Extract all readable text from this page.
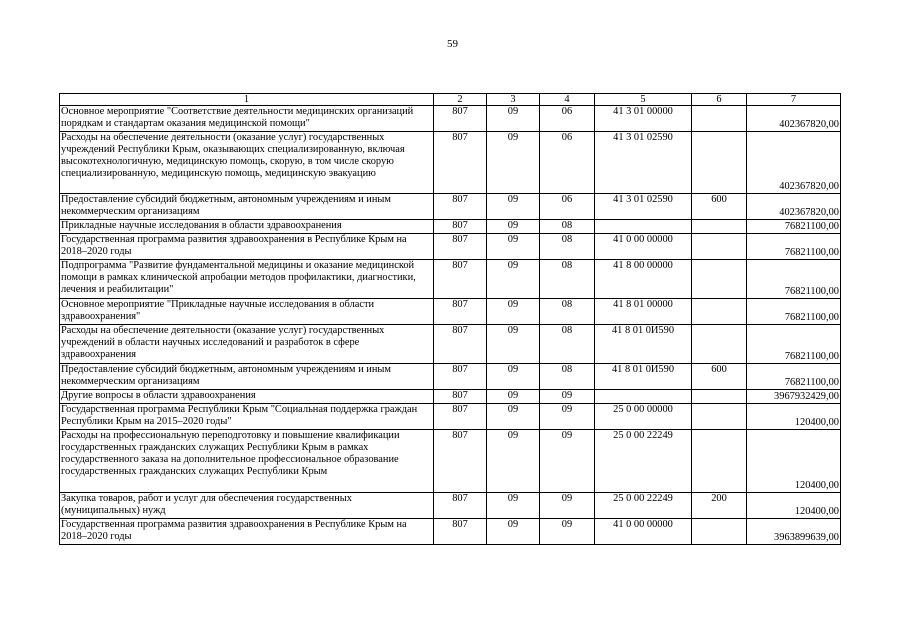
59
1	2	3	4	5	6	7
Основное мероприятие "Соответствие деятельности медицинских организаций порядкам и стандартам оказания медицинской помощи"	807	09	06	41 3 01 00000		402367820,00
Расходы на обеспечение деятельности (оказание услуг) государственных учреждений Республики Крым, оказывающих специализированную, включая высокотехнологичную, медицинскую помощь, скорую, в том числе скорую специализированную, медицинскую помощь, медицинскую эвакуацию	807	09	06	41 3 01 02590		402367820,00
Предоставление субсидий бюджетным, автономным учреждениям и иным некоммерческим организациям	807	09	06	41 3 01 02590	600	402367820,00
Прикладные научные исследования в области здравоохранения	807	09	08			76821100,00
Государственная программа развития здравоохранения в Республике Крым на 2018–2020 годы	807	09	08	41 0 00 00000		76821100,00
Подпрограмма "Развитие фундаментальной медицины и оказание медицинской помощи в рамках клинической апробации методов профилактики, диагностики, лечения и реабилитации"	807	09	08	41 8 00 00000		76821100,00
Основное мероприятие "Прикладные научные исследования в области здравоохранения"	807	09	08	41 8 01 00000		76821100,00
Расходы на обеспечение деятельности (оказание услуг) государственных учреждений в области научных исследований и разработок в сфере здравоохранения	807	09	08	41 8 01 0И590		76821100,00
Предоставление субсидий бюджетным, автономным учреждениям и иным некоммерческим организациям	807	09	08	41 8 01 0И590	600	76821100,00
Другие вопросы в области здравоохранения	807	09	09			3967932429,00
Государственная программа Республики Крым "Социальная поддержка граждан Республики Крым на 2015–2020 годы"	807	09	09	25 0 00 00000		120400,00
Расходы на профессиональную переподготовку и повышение квалификации государственных гражданских служащих Республики Крым в рамках государственного заказа на дополнительное профессиональное образование государственных гражданских служащих Республики Крым	807	09	09	25 0 00 22249		120400,00
Закупка товаров, работ и услуг для обеспечения государственных (муниципальных) нужд	807	09	09	25 0 00 22249	200	120400,00
Государственная программа развития здравоохранения в Республике Крым на 2018–2020 годы	807	09	09	41 0 00 00000		3963899639,00
